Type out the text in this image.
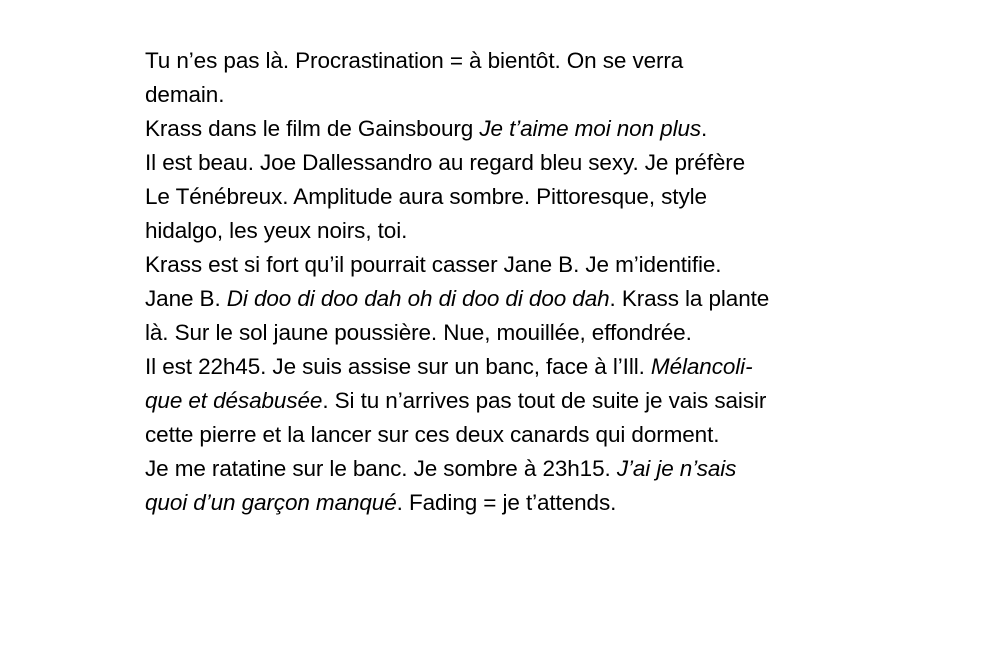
Tu n’es pas là. Procrastination = à bientôt. On se verra
demain.
Krass dans le film de Gainsbourg Je t’aime moi non plus.
Il est beau. Joe Dallessandro au regard bleu sexy. Je préfère
Le Ténébreux. Amplitude aura sombre. Pittoresque, style
hidalgo, les yeux noirs, toi.
Krass est si fort qu’il pourrait casser Jane B. Je m’identifie.
Jane B. Di doo di doo dah oh di doo di doo dah. Krass la plante
là. Sur le sol jaune poussière. Nue, mouillée, effondrée.
Il est 22h45. Je suis assise sur un banc, face à l’Ill. Mélancoli-
que et désabusée. Si tu n’arrives pas tout de suite je vais saisir
cette pierre et la lancer sur ces deux canards qui dorment.
Je me ratatine sur le banc. Je sombre à 23h15. J’ai je n’sais
quoi d’un garçon manqué. Fading = je t’attends.
